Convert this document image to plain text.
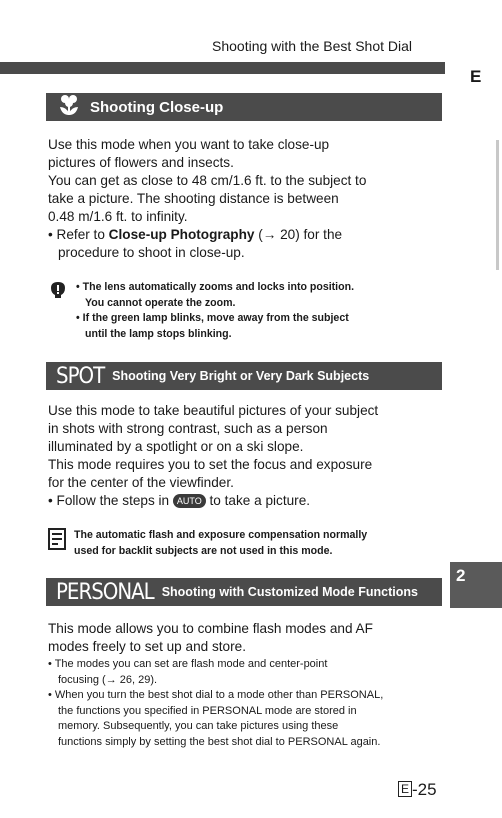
Shooting with the Best Shot Dial
E
2
Shooting Close-up

Use this mode when you want to take close-up

pictures of flowers and insects.

You can get as close to 48 cm/1.6 ft. to the subject to

take a picture. The shooting distance is between

0.48 m/1.6 ft. to infinity.

• Refer to Close-up Photography (→ 20) for the

procedure to shoot in close-up.

• The lens automatically zooms and locks into position.

You cannot operate the zoom.

• If the green lamp blinks, move away from the subject

until the lamp stops blinking.

SPOT Shooting Very Bright or Very Dark Subjects

Use this mode to take beautiful pictures of your subject

in shots with strong contrast, such as a person

illuminated by a spotlight or on a ski slope.

This mode requires you to set the focus and exposure

for the center of the viewfinder.

• Follow the steps in AUTO to take a picture.

The automatic flash and exposure compensation normally

used for backlit subjects are not used in this mode.

PERSONAL Shooting with Customized Mode Functions

This mode allows you to combine flash modes and AF

modes freely to set up and store.

• The modes you can set are flash mode and center-point

focusing (→ 26, 29).

• When you turn the best shot dial to a mode other than PERSONAL,

the functions you specified in PERSONAL mode are stored in

memory. Subsequently, you can take pictures using these

functions simply by setting the best shot dial to PERSONAL again.

E -25
